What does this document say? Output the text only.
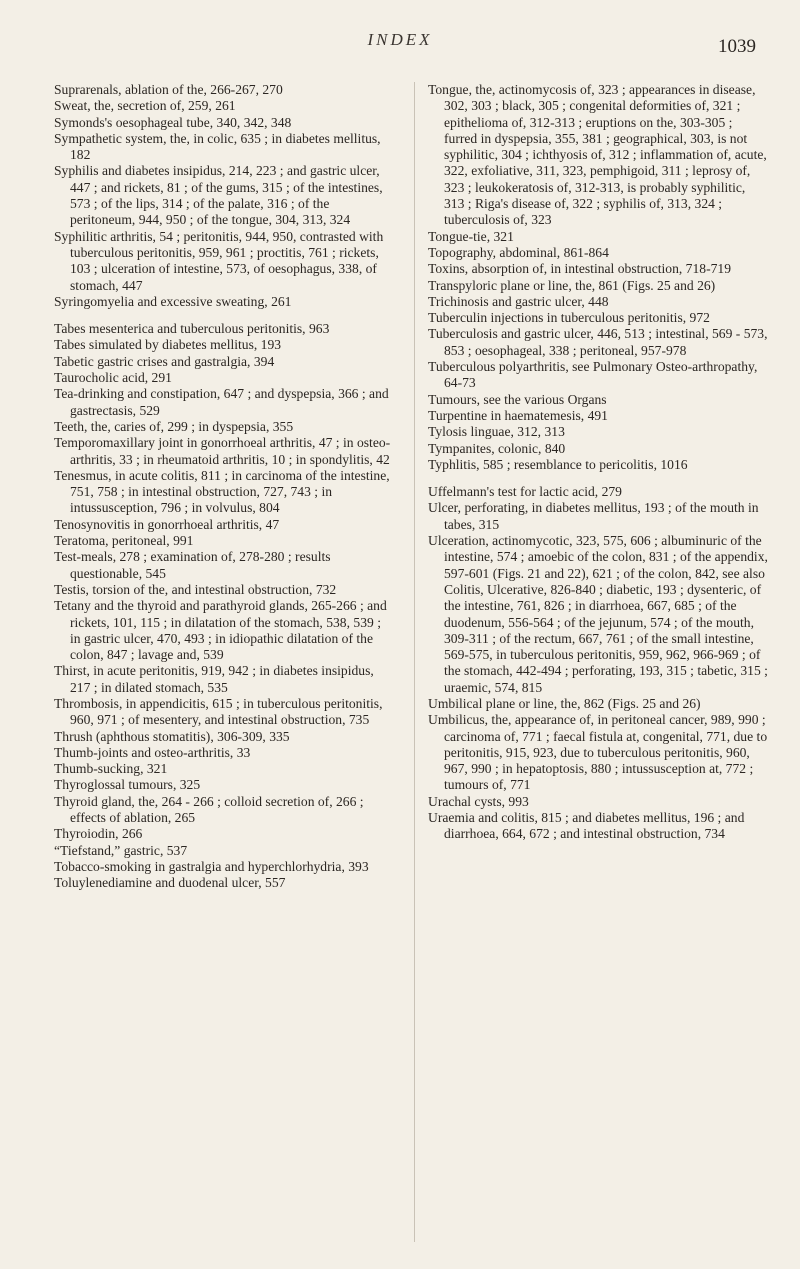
INDEX	1039

Suprarenals, ablation of the, 266-267, 270

Sweat, the, secretion of, 259, 261

Symonds's oesophageal tube, 340, 342, 348

Sympathetic system, the, in colic, 635 ; in diabetes mellitus, 182

Syphilis and diabetes insipidus, 214, 223 ; and gastric ulcer, 447 ; and rickets, 81 ; of the gums, 315 ; of the intestines, 573 ; of the lips, 314 ; of the palate, 316 ; of the peritoneum, 944, 950 ; of the tongue, 304, 313, 324

Syphilitic arthritis, 54 ; peritonitis, 944, 950, contrasted with tuberculous peritonitis, 959, 961 ; proctitis, 761 ; rickets, 103 ; ulceration of intestine, 573, of oesophagus, 338, of stomach, 447

Syringomyelia and excessive sweating, 261

Tabes mesenterica and tuberculous peritonitis, 963

Tabes simulated by diabetes mellitus, 193

Tabetic gastric crises and gastralgia, 394

Taurocholic acid, 291

Tea-drinking and constipation, 647 ; and dyspepsia, 366 ; and gastrectasis, 529

Teeth, the, caries of, 299 ; in dyspepsia, 355

Temporomaxillary joint in gonorrhoeal arthritis, 47 ; in osteo-arthritis, 33 ; in rheumatoid arthritis, 10 ; in spondylitis, 42

Tenesmus, in acute colitis, 811 ; in carcinoma of the intestine, 751, 758 ; in intestinal obstruction, 727, 743 ; in intussusception, 796 ; in volvulus, 804

Tenosynovitis in gonorrhoeal arthritis, 47

Teratoma, peritoneal, 991

Test-meals, 278 ; examination of, 278-280 ; results questionable, 545

Testis, torsion of the, and intestinal obstruction, 732

Tetany and the thyroid and parathyroid glands, 265-266 ; and rickets, 101, 115 ; in dilatation of the stomach, 538, 539 ; in gastric ulcer, 470, 493 ; in idiopathic dilatation of the colon, 847 ; lavage and, 539

Thirst, in acute peritonitis, 919, 942 ; in diabetes insipidus, 217 ; in dilated stomach, 535

Thrombosis, in appendicitis, 615 ; in tuberculous peritonitis, 960, 971 ; of mesentery, and intestinal obstruction, 735

Thrush (aphthous stomatitis), 306-309, 335

Thumb-joints and osteo-arthritis, 33

Thumb-sucking, 321

Thyroglossal tumours, 325

Thyroid gland, the, 264 - 266 ; colloid secretion of, 266 ; effects of ablation, 265

Thyroiodin, 266

“Tiefstand,” gastric, 537

Tobacco-smoking in gastralgia and hyperchlorhydria, 393

Toluylenediamine and duodenal ulcer, 557

Tongue, the, actinomycosis of, 323 ; appearances in disease, 302, 303 ; black, 305 ; congenital deformities of, 321 ; epithelioma of, 312-313 ; eruptions on the, 303-305 ; furred in dyspepsia, 355, 381 ; geographical, 303, is not syphilitic, 304 ; ichthyosis of, 312 ; inflammation of, acute, 322, exfoliative, 311, 323, pemphigoid, 311 ; leprosy of, 323 ; leukokeratosis of, 312-313, is probably syphilitic, 313 ; Riga's disease of, 322 ; syphilis of, 313, 324 ; tuberculosis of, 323

Tongue-tie, 321

Topography, abdominal, 861-864

Toxins, absorption of, in intestinal obstruction, 718-719

Transpyloric plane or line, the, 861 (Figs. 25 and 26)

Trichinosis and gastric ulcer, 448

Tuberculin injections in tuberculous peritonitis, 972

Tuberculosis and gastric ulcer, 446, 513 ; intestinal, 569 - 573, 853 ; oesophageal, 338 ; peritoneal, 957-978

Tuberculous polyarthritis, see Pulmonary Osteo-arthropathy, 64-73

Tumours, see the various Organs

Turpentine in haematemesis, 491

Tylosis linguae, 312, 313

Tympanites, colonic, 840

Typhlitis, 585 ; resemblance to pericolitis, 1016

Uffelmann's test for lactic acid, 279

Ulcer, perforating, in diabetes mellitus, 193 ; of the mouth in tabes, 315

Ulceration, actinomycotic, 323, 575, 606 ; albuminuric of the intestine, 574 ; amoebic of the colon, 831 ; of the appendix, 597-601 (Figs. 21 and 22), 621 ; of the colon, 842, see also Colitis, Ulcerative, 826-840 ; diabetic, 193 ; dysenteric, of the intestine, 761, 826 ; in diarrhoea, 667, 685 ; of the duodenum, 556-564 ; of the jejunum, 574 ; of the mouth, 309-311 ; of the rectum, 667, 761 ; of the small intestine, 569-575, in tuberculous peritonitis, 959, 962, 966-969 ; of the stomach, 442-494 ; perforating, 193, 315 ; tabetic, 315 ; uraemic, 574, 815

Umbilical plane or line, the, 862 (Figs. 25 and 26)

Umbilicus, the, appearance of, in peritoneal cancer, 989, 990 ; carcinoma of, 771 ; faecal fistula at, congenital, 771, due to peritonitis, 915, 923, due to tuberculous peritonitis, 960, 967, 990 ; in hepatoptosis, 880 ; intussusception at, 772 ; tumours of, 771

Urachal cysts, 993

Uraemia and colitis, 815 ; and diabetes mellitus, 196 ; and diarrhoea, 664, 672 ; and intestinal obstruction, 734
